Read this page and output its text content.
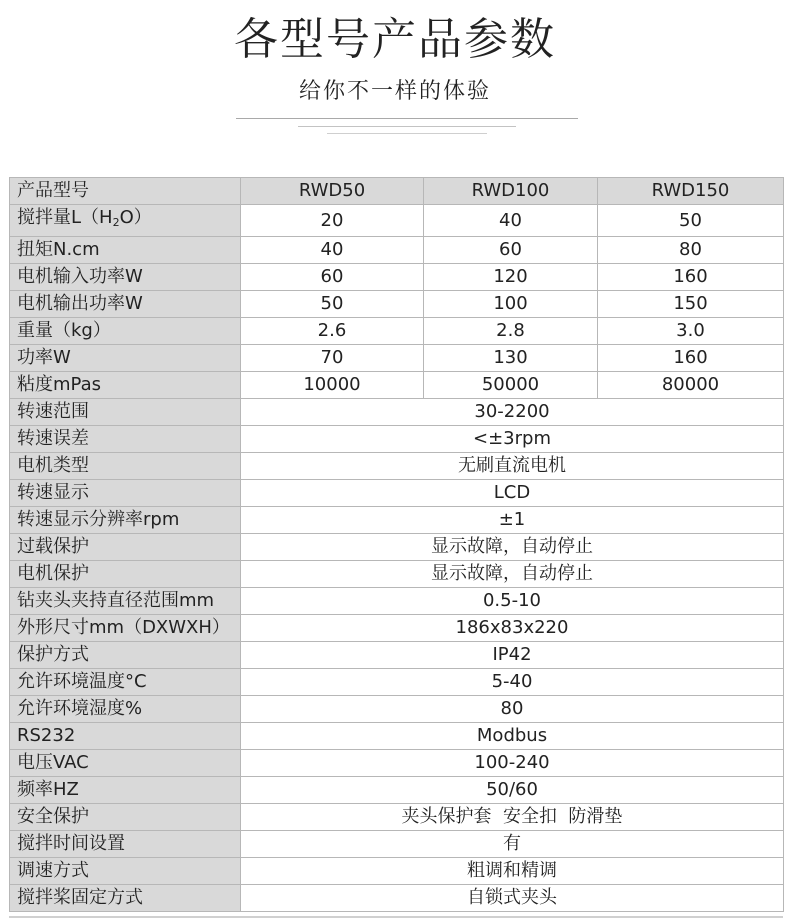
各型号产品参数
给你不一样的体验
产品型号	RWD50	RWD100	RWD150
搅拌量$L(H_2O)$	20	40	50
扭矩N.cm	40	60	80
电机输入功率W	60	120	160
电机输出功率W	50	100	150
重量（kg）	2.6	2.8	3.0
功率W	70	130	160
粘度mPas	10000	50000	80000
转速范围	30-2200		
转速误差	<±3rpm		
电机类型	无刷直流电机		
转速显示	LCD		
转速显示分辨率rpm	±1		
过载保护	显示故障，自动停止		
电机保护	显示故障，自动停止		
钻夹头夹持直径范围mm	0.5-10		
外形尺寸mm（DXWXH）	186x83x220		
保护方式	IP42		
允许环境温度°C	5-40		
允许环境湿度%	80		
RS232	Modbus		
电压VAC	100-240		
频率HZ	50/60		
安全保护	夹头保护套  安全扣  防滑垫		
搅拌时间设置	有		
调速方式	粗调和精调		
搅拌桨固定方式	自锁式夹头		
